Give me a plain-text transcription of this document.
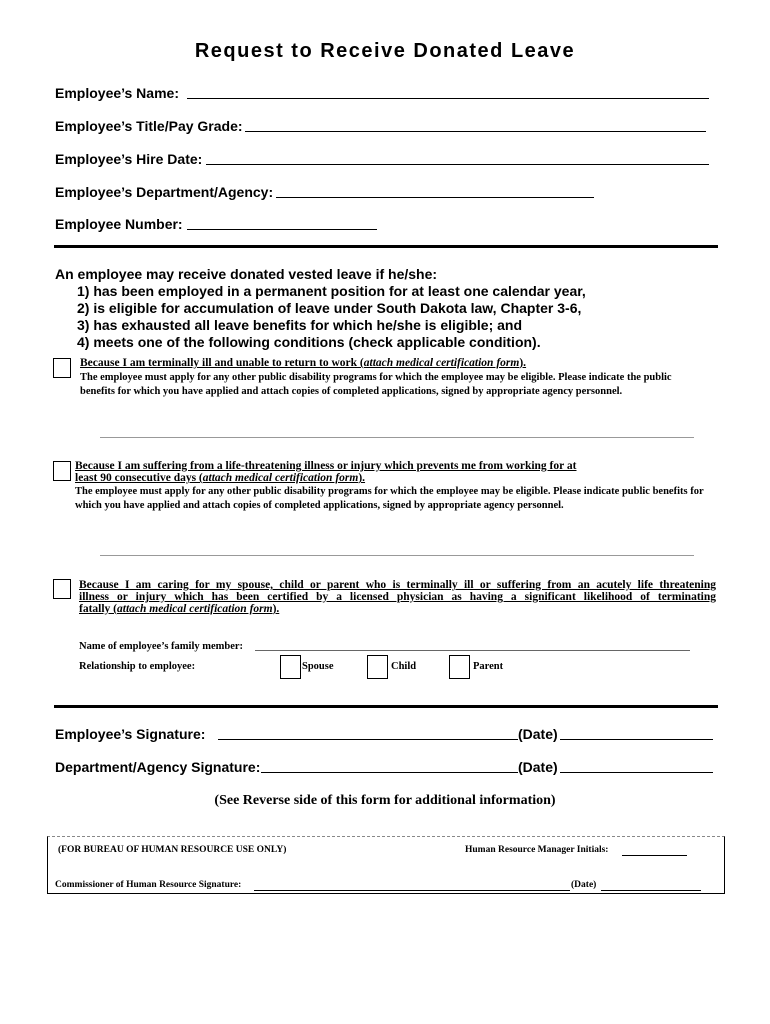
Request to Receive Donated Leave
Employee’s Name:
Employee’s Title/Pay Grade:
Employee’s Hire Date:
Employee’s Department/Agency:
Employee Number:
An employee may receive donated vested leave if he/she:
1) has been employed in a permanent position for at least one calendar year,
2) is eligible for accumulation of leave under South Dakota law, Chapter 3-6,
3) has exhausted all leave benefits for which he/she is eligible; and
4) meets one of the following conditions (check applicable condition).
Because I am terminally ill and unable to return to work (attach medical certification form).
The employee must apply for any other public disability programs for which the employee may be eligible. Please indicate the public benefits for which you have applied and attach copies of completed applications, signed by appropriate agency personnel.
Because I am suffering from a life-threatening illness or injury which prevents me from working for at
least 90 consecutive days (attach medical certification form).
The employee must apply for any other public disability programs for which the employee may be eligible. Please indicate public benefits for which you have applied and attach copies of completed applications, signed by appropriate agency personnel.
Because I am caring for my spouse, child or parent who is terminally ill or suffering from an acutely life threatening
illness or injury which has been certified by a licensed physician as having a significant likelihood of terminating
fatally (attach medical certification form).
Name of employee’s family member:
Relationship to employee:	Spouse	Child	Parent
Employee’s Signature:	(Date)
Department/Agency Signature:	(Date)
(See Reverse side of this form for additional information)
(FOR BUREAU OF HUMAN RESOURCE USE ONLY)	Human Resource Manager Initials:
Commissioner of Human Resource Signature:	(Date)
